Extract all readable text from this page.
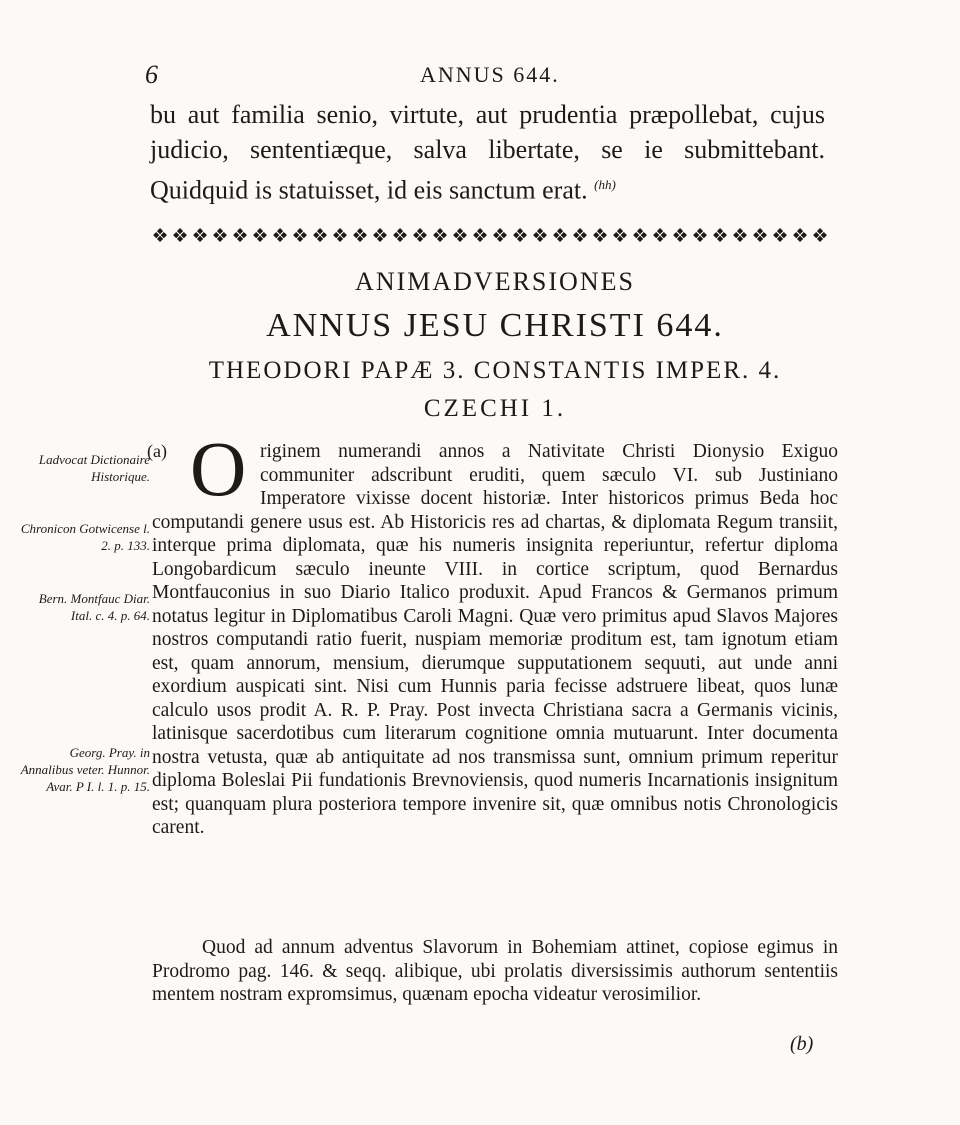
6	ANNUS 644.
bu aut familia senio, virtute, aut prudentia præpollebat, cujus judicio, sententiæque, salva libertate, se ie submittebant. Quidquid is statuisset, id eis sanctum erat. $^{(hh)}$
❖ ❖ ❖ ❖ ❖ ❖ ❖ ❖ ❖ ❖ ❖ ❖ ❖ ❖ ❖ ❖ ❖ ❖ ❖ ❖ ❖ ❖ ❖ ❖ ❖ ❖ ❖ ❖ ❖ ❖ ❖ ❖ ❖ ❖
ANIMADVERSIONES
ANNUS JESU CHRISTI 644.
THEODORI PAPÆ 3. CONSTANTIS IMPER. 4.
CZECHI 1.
Ladvocat Dictionaire Historique.
Chronicon Gotwicense l. 2. p. 133.
Bern. Montfauc Diar. Ital. c. 4. p. 64.
Georg. Pray. in Annalibus veter. Hunnor. Avar. P I. l. 1. p. 15.
(a) O riginem numerandi annos a Nativitate Christi Dionysio Exiguo communiter adscribunt eruditi, quem sæculo VI. sub Justiniano Imperatore vixisse docent historiæ. Inter historicos primus Beda hoc computandi genere usus est. Ab Historicis res ad chartas, & diplomata Regum transiit, interque prima diplomata, quæ his numeris insignita reperiuntur, refertur diploma Longobardicum sæculo ineunte VIII. in cortice scriptum, quod Bernardus Montfauconius in suo Diario Italico produxit. Apud Francos & Germanos primum notatus legitur in Diplomatibus Caroli Magni. Quæ vero primitus apud Slavos Majores nostros computandi ratio fuerit, nuspiam memoriæ proditum est, tam ignotum etiam est, quam annorum, mensium, dierumque supputationem sequuti, aut unde anni exordium auspicati sint. Nisi cum Hunnis paria fecisse adstruere libeat, quos lunæ calculo usos prodit A. R. P. Pray. Post invecta Christiana sacra a Germanis vicinis, latinisque sacerdotibus cum literarum cognitione omnia mutuarunt. Inter documenta nostra vetusta, quæ ab antiquitate ad nos transmissa sunt, omnium primum reperitur diploma Boleslai Pii fundationis Brevnoviensis, quod numeris Incarnationis insignitum est; quanquam plura posteriora tempore invenire sit, quæ omnibus notis Chronologicis carent.
Quod ad annum adventus Slavorum in Bohemiam attinet, copiose egimus in Prodromo pag. 146. & seqq. alibique, ubi prolatis diversissimis authorum sententiis mentem nostram expromsimus, quænam epocha videatur verosimilior.
(b)
